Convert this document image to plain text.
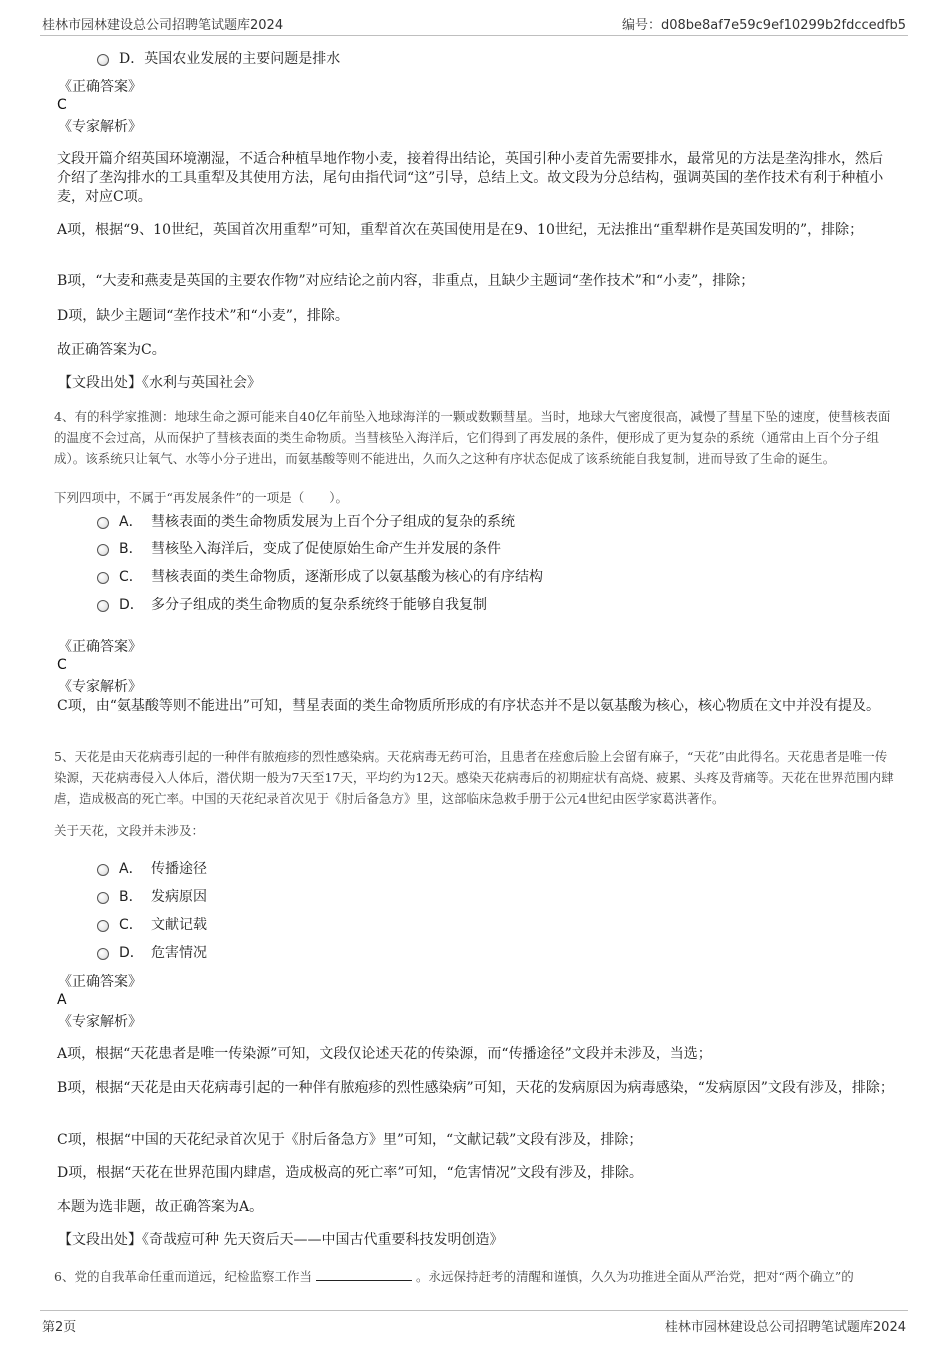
桂林市园林建设总公司招聘笔试题库2024	编号：d08be8af7e59c9ef10299b2fdccedfb5
D．英国农业发展的主要问题是排水
《正确答案》
C
《专家解析》
文段开篇介绍英国环境潮湿，不适合种植旱地作物小麦，接着得出结论，英国引种小麦首先需要排水，最常见的方法是垄沟排水，然后介绍了垄沟排水的工具重犁及其使用方法，尾句由指代词“这”引导，总结上文。故文段为分总结构，强调英国的垄作技术有利于种植小麦，对应C项。
A项，根据“9、10世纪，英国首次用重犁”可知，重犁首次在英国使用是在9、10世纪，无法推出“重犁耕作是英国发明的”，排除；
B项，“大麦和燕麦是英国的主要农作物”对应结论之前内容，非重点，且缺少主题词“垄作技术”和“小麦”，排除；
D项，缺少主题词“垄作技术”和“小麦”，排除。
故正确答案为C。
【文段出处】《水利与英国社会》
4、有的科学家推测：地球生命之源可能来自40亿年前坠入地球海洋的一颗或数颗彗星。当时，地球大气密度很高，减慢了彗星下坠的速度，使彗核表面的温度不会过高，从而保护了彗核表面的类生命物质。当彗核坠入海洋后，它们得到了再发展的条件，便形成了更为复杂的系统（通常由上百个分子组成）。该系统只让氧气、水等小分子进出，而氨基酸等则不能进出，久而久之这种有序状态促成了该系统能自我复制，进而导致了生命的诞生。
下列四项中，不属于“再发展条件”的一项是（　　）。
A． 彗核表面的类生命物质发展为上百个分子组成的复杂的系统
B． 彗核坠入海洋后，变成了促使原始生命产生并发展的条件
C． 彗核表面的类生命物质，逐渐形成了以氨基酸为核心的有序结构
D． 多分子组成的类生命物质的复杂系统终于能够自我复制
《正确答案》
C
《专家解析》
C项，由“氨基酸等则不能进出”可知，彗星表面的类生命物质所形成的有序状态并不是以氨基酸为核心，核心物质在文中并没有提及。
5、天花是由天花病毒引起的一种伴有脓疱疹的烈性感染病。天花病毒无药可治，且患者在痊愈后脸上会留有麻子，“天花”由此得名。天花患者是唯一传染源，天花病毒侵入人体后，潜伏期一般为7天至17天，平均约为12天。感染天花病毒后的初期症状有高烧、疲累、头疼及背痛等。天花在世界范围内肆虐，造成极高的死亡率。中国的天花纪录首次见于《肘后备急方》里，这部临床急救手册于公元4世纪由医学家葛洪著作。
关于天花，文段并未涉及：
A． 传播途径
B． 发病原因
C． 文献记载
D． 危害情况
《正确答案》
A
《专家解析》
A项，根据“天花患者是唯一传染源”可知，文段仅论述天花的传染源，而“传播途径”文段并未涉及，当选；
B项，根据“天花是由天花病毒引起的一种伴有脓疱疹的烈性感染病”可知，天花的发病原因为病毒感染，“发病原因”文段有涉及，排除；
C项，根据“中国的天花纪录首次见于《肘后备急方》里”可知，“文献记载”文段有涉及，排除；
D项，根据“天花在世界范围内肆虐，造成极高的死亡率”可知，“危害情况”文段有涉及，排除。
本题为选非题，故正确答案为A。
【文段出处】《奇哉痘可种 先天资后天——中国古代重要科技发明创造》
6、党的自我革命任重而道远，纪检监察工作当	。永远保持赶考的清醒和谨慎，久久为功推进全面从严治党，把对“两个确立”的
第2页	桂林市园林建设总公司招聘笔试题库2024
